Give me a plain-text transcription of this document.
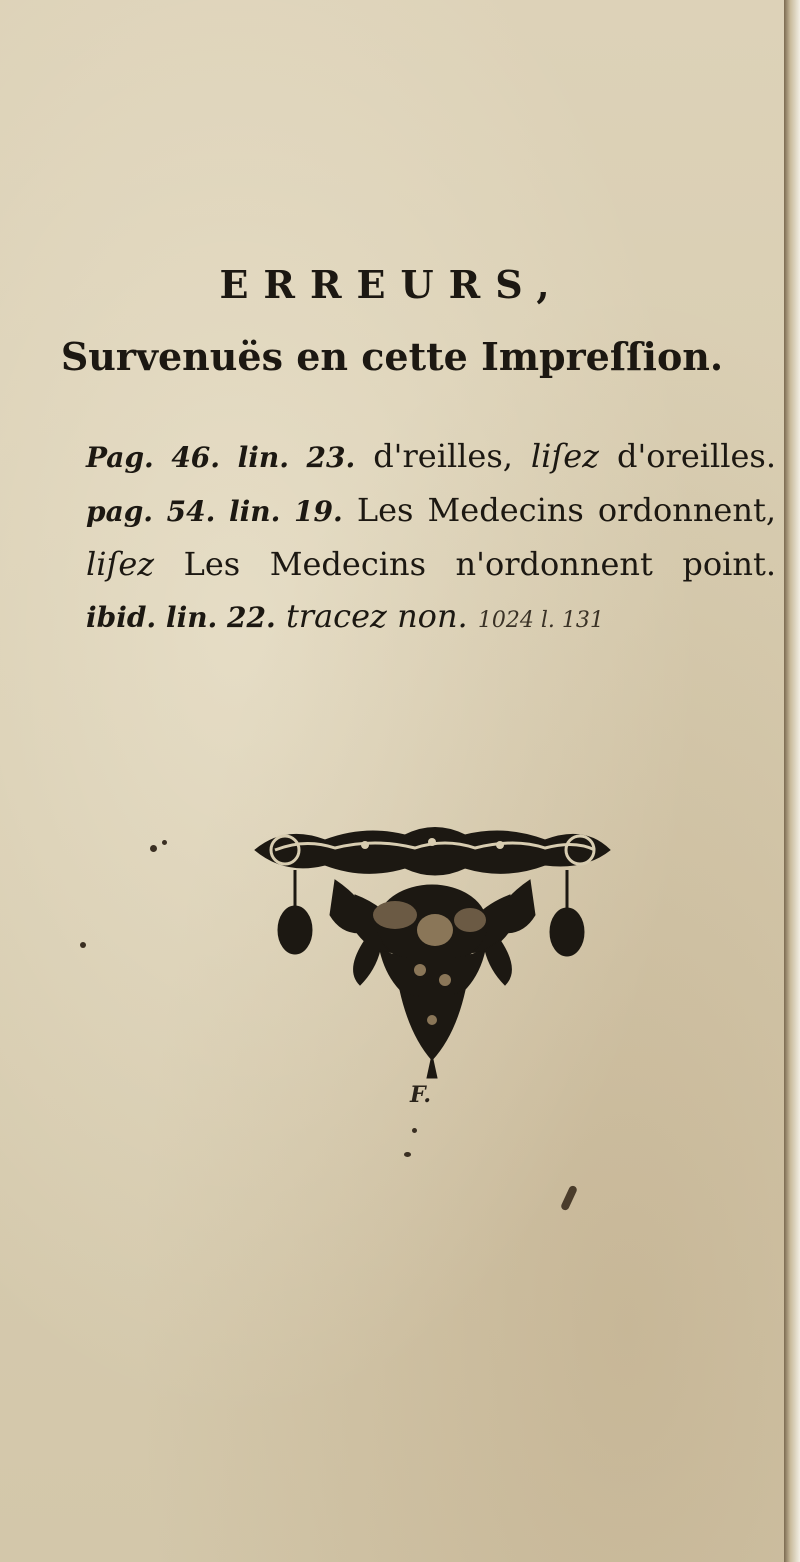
ERREURS,
Survenuës en cette Impreſſion.
Pag. 46. lin. 23. d'reilles, liſez d'oreilles. pag. 54. lin. 19. Les Medecins ordonnent, liſez Les Medecins n'ordonnent point. ibid. lin. 22. tracez non. 1024 l. 131
F.
